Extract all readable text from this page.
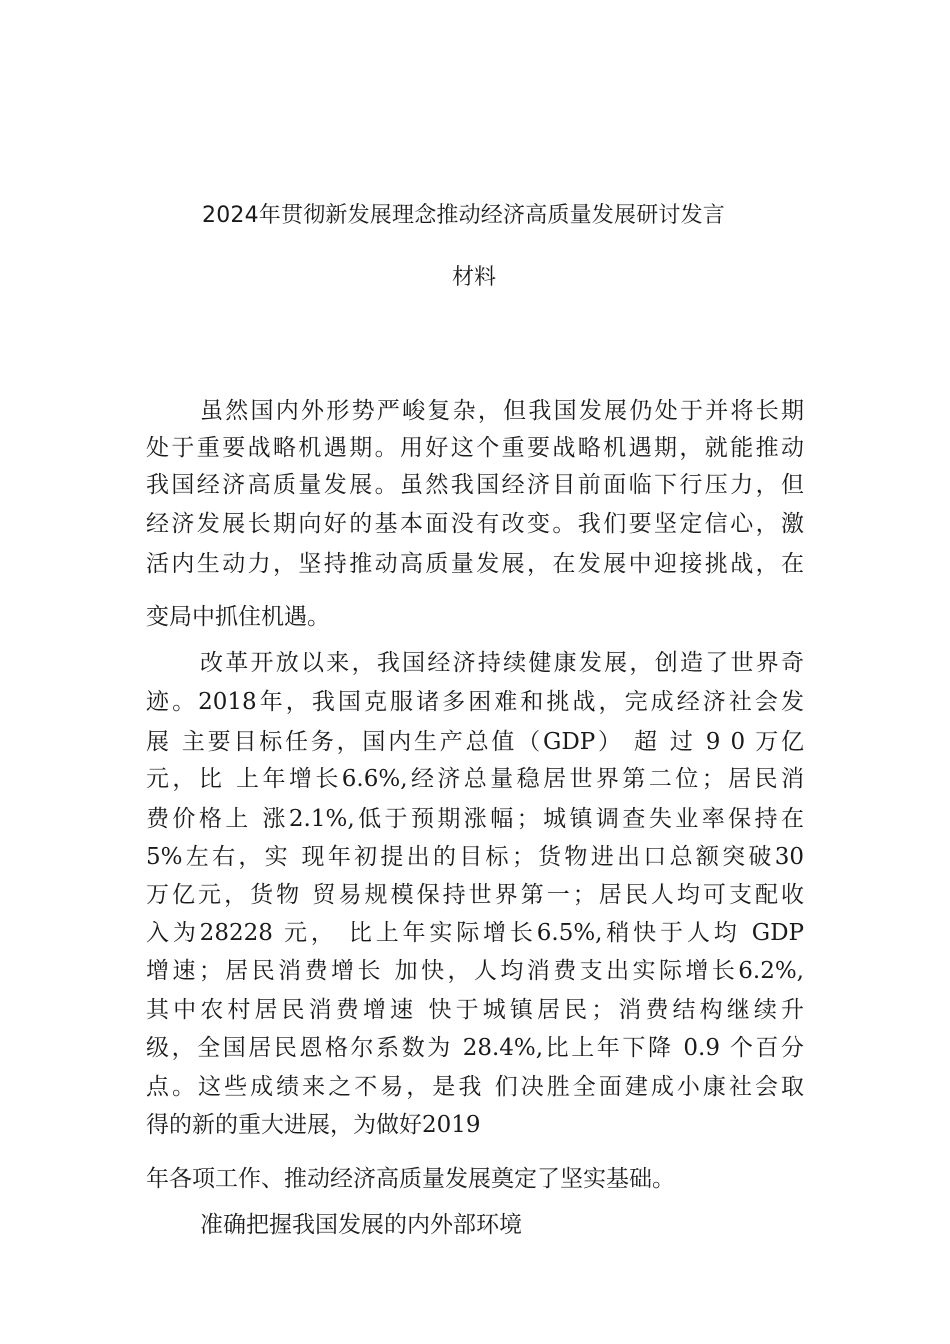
2024年贯彻新发展理念推动经济高质量发展研讨发言
材料

虽然国内外形势严峻复杂，但我国发展仍处于并将长期

处于重要战略机遇期。用好这个重要战略机遇期，就能推动

我国经济高质量发展。虽然我国经济目前面临下行压力，但

经济发展长期向好的基本面没有改变。我们要坚定信心，激

活内生动力，坚持推动高质量发展，在发展中迎接挑战，在

变局中抓住机遇。

改革开放以来，我国经济持续健康发展，创造了世界奇

迹。2018年，我国克服诸多困难和挑战，完成经济社会发

展 主要目标任务，国内生产总值（GDP） 超 过 9 0 万亿

元，比 上年增长6.6%,经济总量稳居世界第二位；居民消

费价格上 涨2.1%,低于预期涨幅；城镇调查失业率保持在

5%左右，实 现年初提出的目标；货物进出口总额突破30

万亿元，货物 贸易规模保持世界第一；居民人均可支配收

入为28228 元， 比上年实际增长6.5%,稍快于人均 GDP

增速；居民消费增长 加快，人均消费支出实际增长6.2%,

其中农村居民消费增速 快于城镇居民；消费结构继续升

级，全国居民恩格尔系数为 28.4%,比上年下降 0.9 个百分

点。这些成绩来之不易，是我 们决胜全面建成小康社会取

得的新的重大进展，为做好2019

年各项工作、推动经济高质量发展奠定了坚实基础。

准确把握我国发展的内外部环境
